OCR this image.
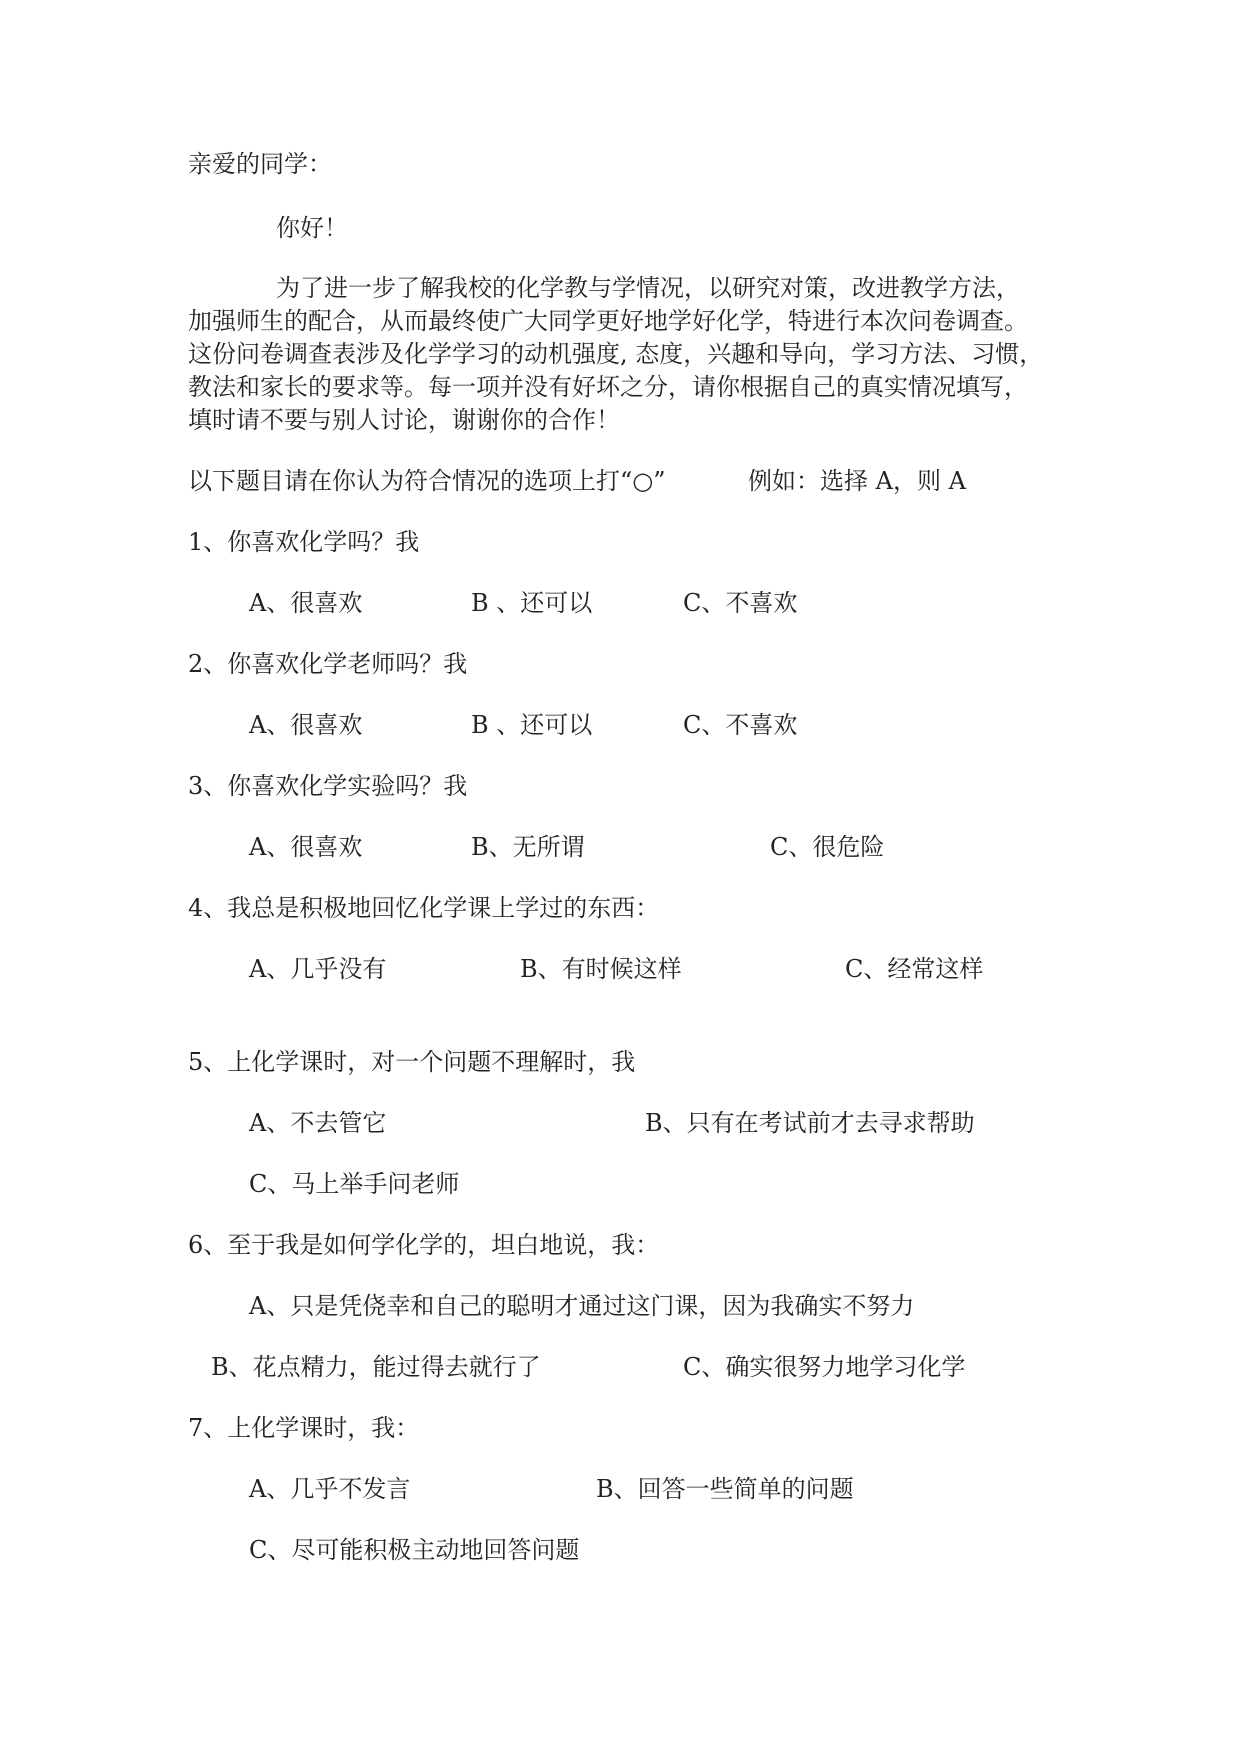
亲爱的同学：
你好！
为了进一步了解我校的化学教与学情况，以研究对策，改进教学方法，
加强师生的配合，从而最终使广大同学更好地学好化学，特进行本次问卷调查。
这份问卷调查表涉及化学学习的动机强度, 态度，兴趣和导向，学习方法、习惯，
教法和家长的要求等。每一项并没有好坏之分，请你根据自己的真实情况填写，
填时请不要与别人讨论，谢谢你的合作！
以下题目请在你认为符合情况的选项上打“○”	例如：选择 A，则 A
1、你喜欢化学吗？我
A、很喜欢	B 、还可以	C、不喜欢
2、你喜欢化学老师吗？我
A、很喜欢	B 、还可以	C、不喜欢
3、你喜欢化学实验吗？我
A、很喜欢	B、无所谓	C、很危险
4、我总是积极地回忆化学课上学过的东西：
A、几乎没有	B、有时候这样	C、经常这样
5、上化学课时，对一个问题不理解时，我
A、不去管它	B、只有在考试前才去寻求帮助
C、马上举手问老师
6、至于我是如何学化学的，坦白地说，我：
A、只是凭侥幸和自己的聪明才通过这门课，因为我确实不努力
B、花点精力，能过得去就行了	C、确实很努力地学习化学
7、上化学课时，我：
A、几乎不发言	B、回答一些简单的问题
C、尽可能积极主动地回答问题
